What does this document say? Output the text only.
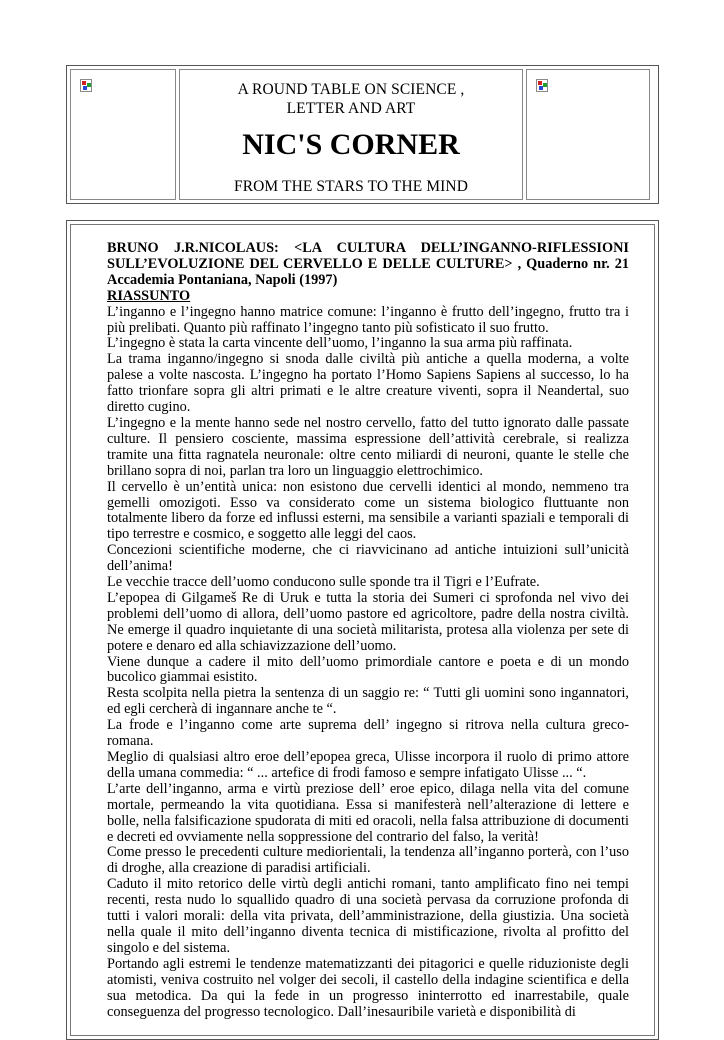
A ROUND TABLE ON SCIENCE ,

LETTER AND ART

NIC'S CORNER

FROM THE STARS TO THE MIND

BRUNO J.R.NICOLAUS: <LA CULTURA DELL’INGANNO-RIFLESSIONI SULL’EVOLUZIONE DEL CERVELLO E DELLE CULTURE> , Quaderno nr. 21 Accademia Pontaniana, Napoli (1997)

RIASSUNTO

L’inganno e l’ingegno hanno matrice comune: l’inganno è frutto dell’ingegno, frutto tra i più prelibati. Quanto più raffinato l’ingegno tanto più sofisticato il suo frutto.

L’ingegno è stata la carta vincente dell’uomo, l’inganno la sua arma più raffinata.

La trama inganno/ingegno si snoda dalle civiltà più antiche a quella moderna, a volte palese a volte nascosta. L’ingegno ha portato l’Homo Sapiens Sapiens al successo, lo ha fatto trionfare sopra gli altri primati e le altre creature viventi, sopra il Neandertal, suo diretto cugino.

L’ingegno e la mente hanno sede nel nostro cervello, fatto del tutto ignorato dalle passate culture. Il pensiero cosciente, massima espressione dell’attività cerebrale, si realizza tramite una fitta ragnatela neuronale: oltre cento miliardi di neuroni, quante le stelle che brillano sopra di noi, parlan tra loro un linguaggio elettrochimico.

Il cervello è un’entità unica: non esistono due cervelli identici al mondo, nemmeno tra gemelli omozigoti. Esso va considerato come un sistema biologico fluttuante non totalmente libero da forze ed influssi esterni, ma sensibile a varianti spaziali e temporali di tipo terrestre e cosmico, e soggetto alle leggi del caos.

Concezioni scientifiche moderne, che ci riavvicinano ad antiche intuizioni sull’unicità dell’anima!

Le vecchie tracce dell’uomo conducono sulle sponde tra il Tigri e l’Eufrate.

L’epopea di Gilgameš Re di Uruk e tutta la storia dei Sumeri ci sprofonda nel vivo dei problemi dell’uomo di allora, dell’uomo pastore ed agricoltore, padre della nostra civiltà. Ne emerge il quadro inquietante di una società militarista, protesa alla violenza per sete di potere e denaro ed alla schiavizzazione dell’uomo.

Viene dunque a cadere il mito dell’uomo primordiale cantore e poeta e di un mondo bucolico giammai esistito.

Resta scolpita nella pietra la sentenza di un saggio re: “ Tutti gli uomini sono ingannatori, ed egli cercherà di ingannare anche te “.

La frode e l’inganno come arte suprema dell’ ingegno si ritrova nella cultura greco-romana.

Meglio di qualsiasi altro eroe dell’epopea greca, Ulisse incorpora il ruolo di primo attore della umana commedia: “ ... artefice di frodi famoso e sempre infatigato Ulisse ... “.

L’arte dell’inganno, arma e virtù preziose dell’ eroe epico, dilaga nella vita del comune mortale, permeando la vita quotidiana. Essa si manifesterà nell’alterazione di lettere e bolle, nella falsificazione spudorata di miti ed oracoli, nella falsa attribuzione di documenti e decreti ed ovviamente nella soppressione del contrario del falso, la verità!

Come presso le precedenti culture mediorientali, la tendenza all’inganno porterà, con l’uso di droghe, alla creazione di paradisi artificiali.

Caduto il mito retorico delle virtù degli antichi romani, tanto amplificato fino nei tempi recenti, resta nudo lo squallido quadro di una società pervasa da corruzione profonda di tutti i valori morali: della vita privata, dell’amministrazione, della giustizia. Una società nella quale il mito dell’inganno diventa tecnica di mistificazione, rivolta al profitto del singolo e del sistema.

Portando agli estremi le tendenze matematizzanti dei pitagorici e quelle riduzioniste degli atomisti, veniva costruito nel volger dei secoli, il castello della indagine scientifica e della sua metodica. Da qui la fede in un progresso ininterrotto ed inarrestabile, quale conseguenza del progresso tecnologico. Dall’inesauribile varietà e disponibilità di
